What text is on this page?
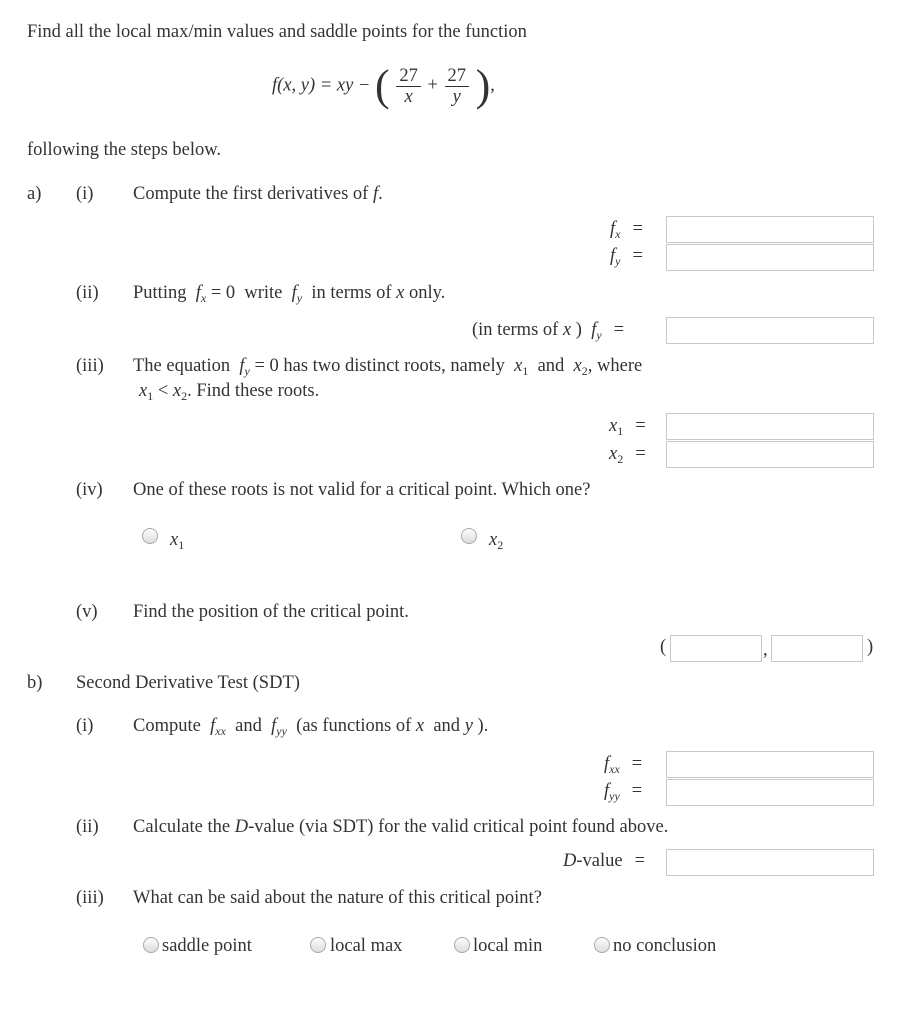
Find all the local max/min values and saddle points for the function
f(x, y) = xy − ( $\frac{27}{x} + \frac{27}{y}$ ),
following the steps below.
a) (i) Compute the first derivatives of f.
$f_x$ =
$f_y$ =
(ii) Putting $f_x = 0$ write $f_y$ in terms of x only.
(in terms of x ) $f_y$ =
(iii) The equation $f_y = 0$ has two distinct roots, namely $x_1$ and $x_2$, where
$x_1 < x_2$. Find these roots.
$x_1$ =
$x_2$ =
(iv) One of these roots is not valid for a critical point. Which one?
$x_1$	$x_2$
(v) Find the position of the critical point.
(	,	)
b) Second Derivative Test (SDT)
(i) Compute $f_{xx}$ and $f_{yy}$ (as functions of x and y ).
$f_{xx}$ =
$f_{yy}$ =
(ii) Calculate the D-value (via SDT) for the valid critical point found above.
D-value =
(iii) What can be said about the nature of this critical point?
saddle point	local max	local min	no conclusion
